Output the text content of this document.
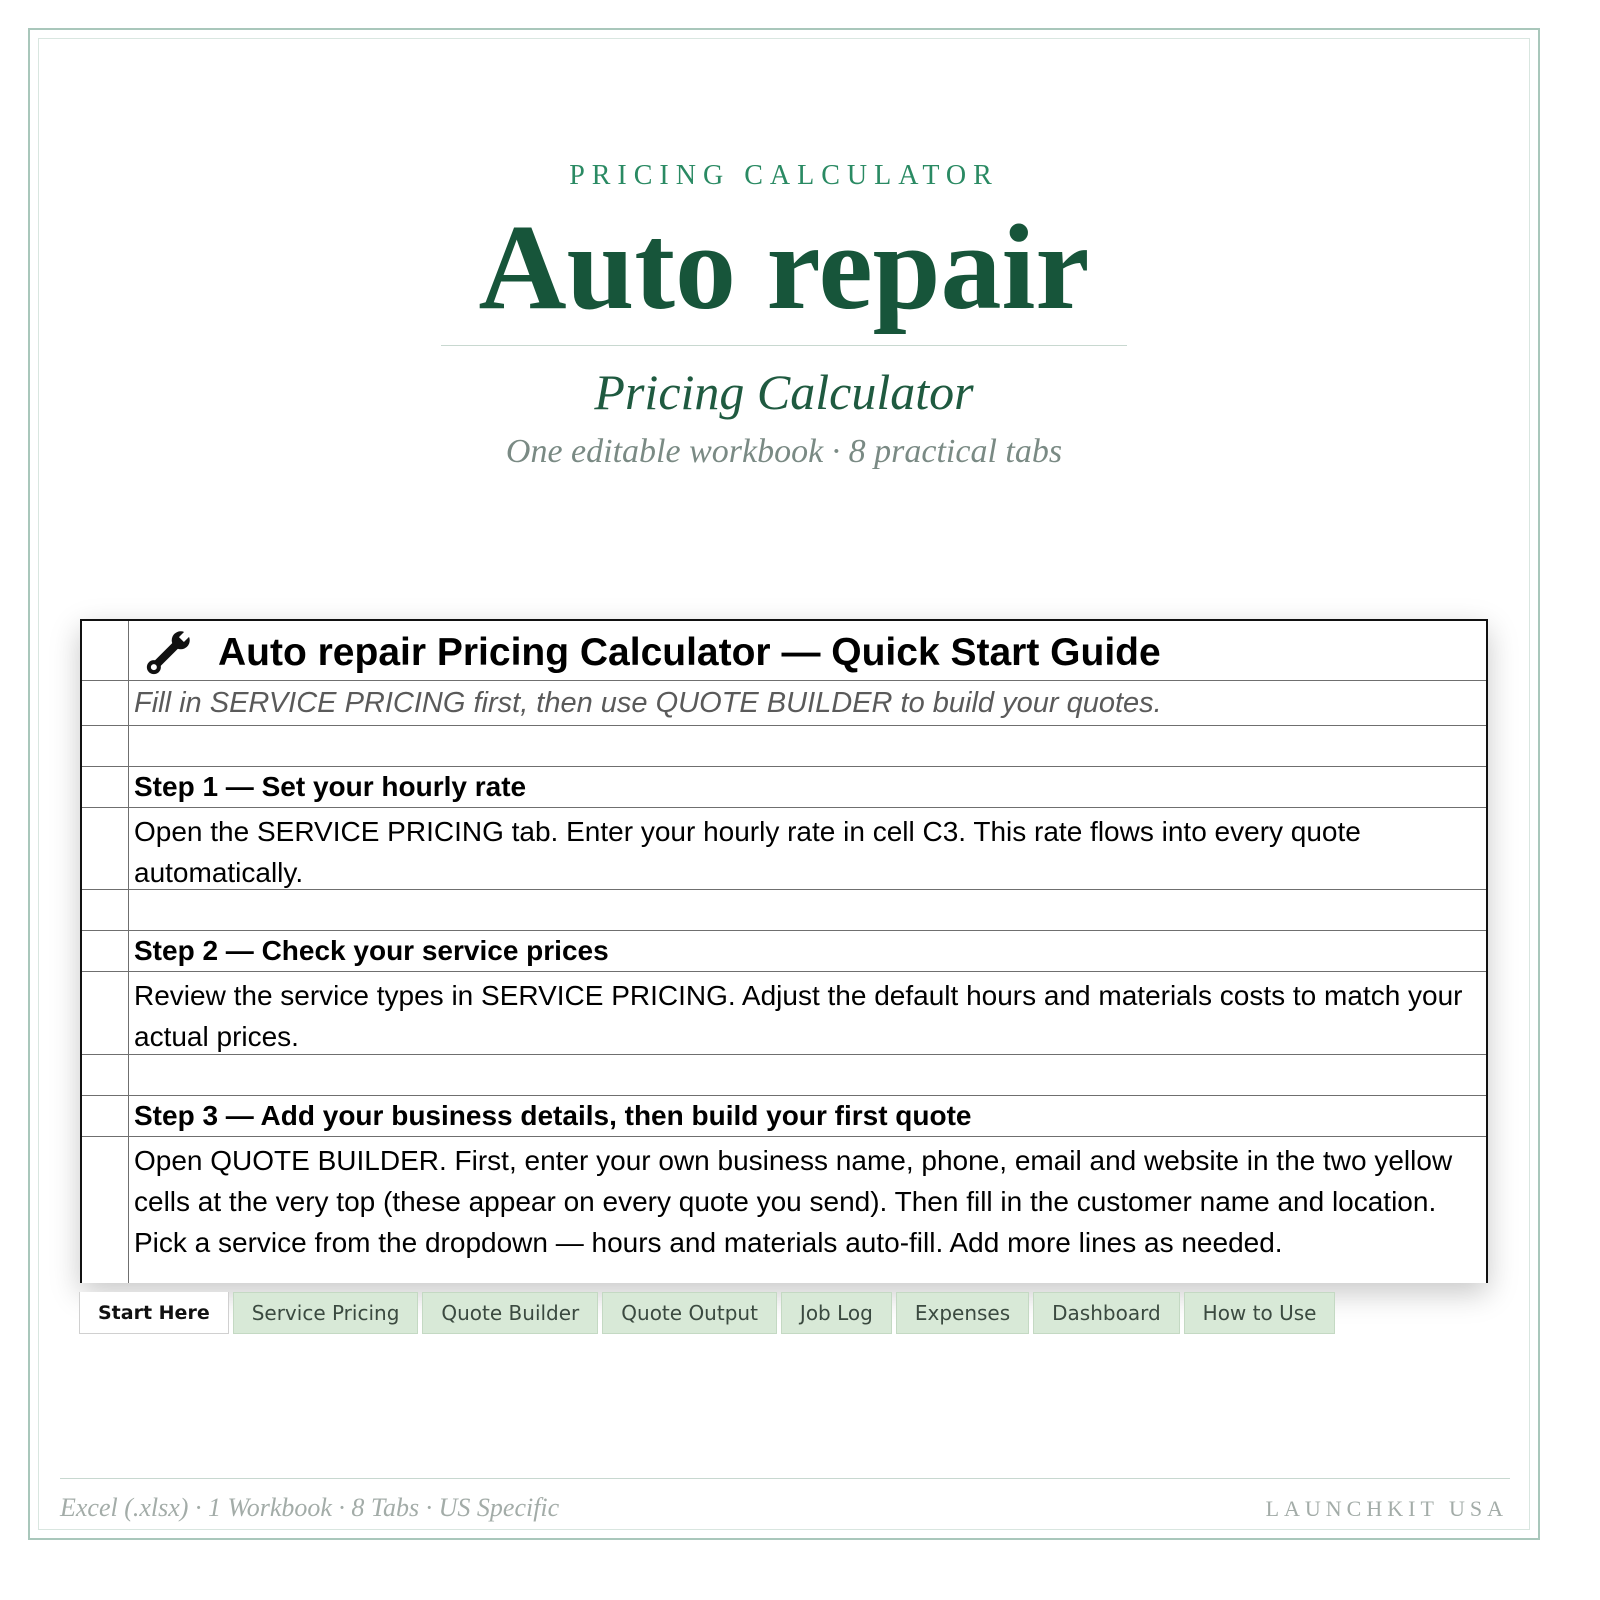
PRICING CALCULATOR
Auto repair
Pricing Calculator
One editable workbook · 8 practical tabs
Auto repair Pricing Calculator — Quick Start Guide
Fill in SERVICE PRICING first, then use QUOTE BUILDER to build your quotes.
Step 1 — Set your hourly rate
Open the SERVICE PRICING tab. Enter your hourly rate in cell C3. This rate flows into every quote automatically.
Step 2 — Check your service prices
Review the service types in SERVICE PRICING. Adjust the default hours and materials costs to match your actual prices.
Step 3 — Add your business details, then build your first quote
Open QUOTE BUILDER. First, enter your own business name, phone, email and website in the two yellow cells at the very top (these appear on every quote you send). Then fill in the customer name and location. Pick a service from the dropdown — hours and materials auto-fill. Add more lines as needed.
Start Here	Service Pricing	Quote Builder	Quote Output	Job Log	Expenses	Dashboard	How to Use
Excel (.xlsx) · 1 Workbook · 8 Tabs · US Specific	LAUNCHKIT USA
